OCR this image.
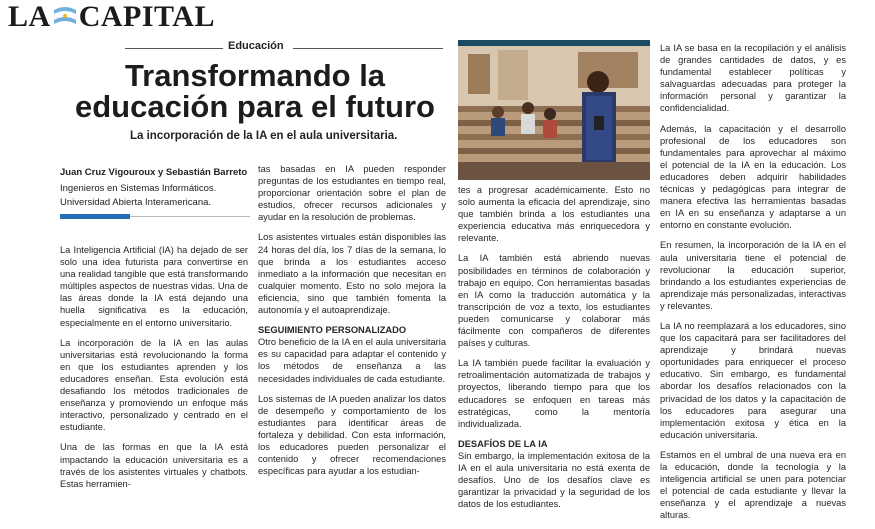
LA CAPITAL
Educación
Transformando la educación para el futuro
La incorporación de la IA en el aula universitaria.
Juan Cruz Vigouroux y Sebastián Barreto
Ingenieros en Sistemas Informáticos.
Universidad Abierta Interamericana.

La Inteligencia Artificial (IA) ha dejado de ser solo una idea futurista para convertirse en una realidad tangible que está transformando múltiples aspectos de nuestras vidas. Una de las áreas donde la IA está dejando una huella significativa es la educación, especialmente en el entorno universitario.

La incorporación de la IA en las aulas universitarias está revolucionando la forma en que los estudiantes aprenden y los educadores enseñan. Esta evolución está desafiando los métodos tradicionales de enseñanza y promoviendo un enfoque más interactivo, personalizado y centrado en el estudiante.

Una de las formas en que la IA está impactando la educación universitaria es a través de los asistentes virtuales y chatbots. Estas herramien-

tas basadas en IA pueden responder preguntas de los estudiantes en tiempo real, proporcionar orientación sobre el plan de estudios, ofrecer recursos adicionales y ayudar en la resolución de problemas.

Los asistentes virtuales están disponibles las 24 horas del día, los 7 días de la semana, lo que brinda a los estudiantes acceso inmediato a la información que necesitan en cualquier momento. Esto no solo mejora la eficiencia, sino que también fomenta la autonomía y el autoaprendizaje.

SEGUIMIENTO PERSONALIZADO

Otro beneficio de la IA en el aula universitaria es su capacidad para adaptar el contenido y los métodos de enseñanza a las necesidades individuales de cada estudiante.

Los sistemas de IA pueden analizar los datos de desempeño y comportamiento de los estudiantes para identificar áreas de fortaleza y debilidad. Con esta información, los educadores pueden personalizar el contenido y ofrecer recomendaciones específicas para ayudar a los estudian-

tes a progresar académicamente. Esto no solo aumenta la eficacia del aprendizaje, sino que también brinda a los estudiantes una experiencia educativa más enriquecedora y relevante.

La IA también está abriendo nuevas posibilidades en términos de colaboración y trabajo en equipo. Con herramientas basadas en IA como la traducción automática y la transcripción de voz a texto, los estudiantes pueden comunicarse y colaborar más fácilmente con compañeros de diferentes países y culturas.

La IA también puede facilitar la evaluación y retroalimentación automatizada de trabajos y proyectos, liberando tiempo para que los educadores se enfoquen en tareas más estratégicas, como la mentoría individualizada.

DESAFÍOS DE LA IA

Sin embargo, la implementación exitosa de la IA en el aula universitaria no está exenta de desafíos. Uno de los desafíos clave es garantizar la privacidad y la seguridad de los datos de los estudiantes.

La IA se basa en la recopilación y el análisis de grandes cantidades de datos, y es fundamental establecer políticas y salvaguardas adecuadas para proteger la información personal y garantizar la confidencialidad.

Además, la capacitación y el desarrollo profesional de los educadores son fundamentales para aprovechar al máximo el potencial de la IA en la educación. Los educadores deben adquirir habilidades técnicas y pedagógicas para integrar de manera efectiva las herramientas basadas en IA en su enseñanza y adaptarse a un entorno en constante evolución.

En resumen, la incorporación de la IA en el aula universitaria tiene el potencial de revolucionar la educación superior, brindando a los estudiantes experiencias de aprendizaje más personalizadas, interactivas y relevantes.

La IA no reemplazará a los educadores, sino que los capacitará para ser facilitadores del aprendizaje y brindará nuevas oportunidades para enriquecer el proceso educativo. Sin embargo, es fundamental abordar los desafíos relacionados con la privacidad de los datos y la capacitación de los educadores para asegurar una implementación exitosa y ética en la educación universitaria.

Estamos en el umbral de una nueva era en la educación, donde la tecnología y la inteligencia artificial se unen para potenciar el potencial de cada estudiante y llevar la enseñanza y el aprendizaje a nuevas alturas.
